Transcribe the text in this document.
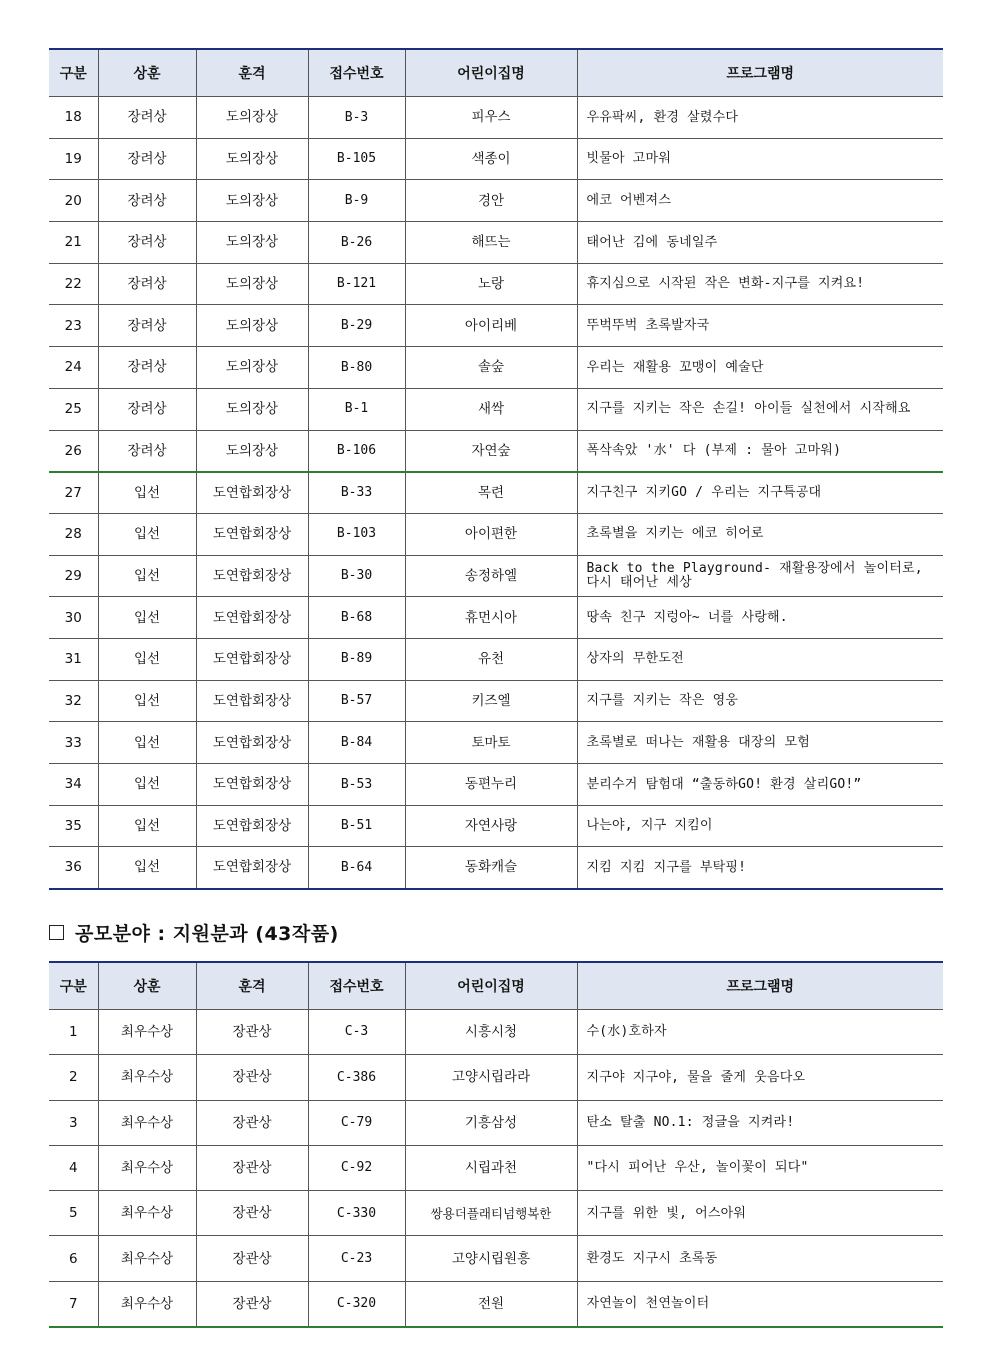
구분	상훈	훈격	접수번호	어린이집명	프로그램명
18	장려상	도의장상	B-3	피우스	우유팍씨, 환경 살렸수다
19	장려상	도의장상	B-105	색종이	빗물아 고마워
20	장려상	도의장상	B-9	경안	에코 어벤져스
21	장려상	도의장상	B-26	해뜨는	태어난 김에 동네일주
22	장려상	도의장상	B-121	노랑	휴지심으로 시작된 작은 변화-지구를 지켜요!
23	장려상	도의장상	B-29	아이리베	뚜벅뚜벅 초록발자국
24	장려상	도의장상	B-80	솔숲	우리는 재활용 꼬맹이 예술단
25	장려상	도의장상	B-1	새싹	지구를 지키는 작은 손길! 아이들 실천에서 시작해요
26	장려상	도의장상	B-106	자연숲	폭삭속았 '水' 다 (부제 : 물아 고마워)
27	입선	도연합회장상	B-33	목련	지구친구 지키GO / 우리는 지구특공대
28	입선	도연합회장상	B-103	아이편한	초록별을 지키는 에코 히어로
29	입선	도연합회장상	B-30	송정하엘	Back to the Playground- 재활용장에서 놀이터로, 다시 태어난 세상
30	입선	도연합회장상	B-68	휴먼시아	땅속 친구 지렁아~ 너를 사랑해.
31	입선	도연합회장상	B-89	유천	상자의 무한도전
32	입선	도연합회장상	B-57	키즈엘	지구를 지키는 작은 영웅
33	입선	도연합회장상	B-84	토마토	초록별로 떠나는 재활용 대장의 모험
34	입선	도연합회장상	B-53	동편누리	분리수거 탐험대 “출동하GO! 환경 살리GO!”
35	입선	도연합회장상	B-51	자연사랑	나는야, 지구 지킴이
36	입선	도연합회장상	B-64	동화캐슬	지킴 지킴 지구를 부탁핑!
공모분야 : 지원분과 (43작품)
구분	상훈	훈격	접수번호	어린이집명	프로그램명
1	최우수상	장관상	C-3	시흥시청	수(水)호하자
2	최우수상	장관상	C-386	고양시립라라	지구야 지구야, 물을 줄게 웃음다오
3	최우수상	장관상	C-79	기흥삼성	탄소 탈출 NO.1: 정글을 지켜라!
4	최우수상	장관상	C-92	시립과천	"다시 피어난 우산, 놀이꽃이 되다"
5	최우수상	장관상	C-330	쌍용더플래티넘행복한	지구를 위한 빛, 어스아워
6	최우수상	장관상	C-23	고양시립원흥	환경도 지구시 초록동
7	최우수상	장관상	C-320	전원	자연놀이 천연놀이터
